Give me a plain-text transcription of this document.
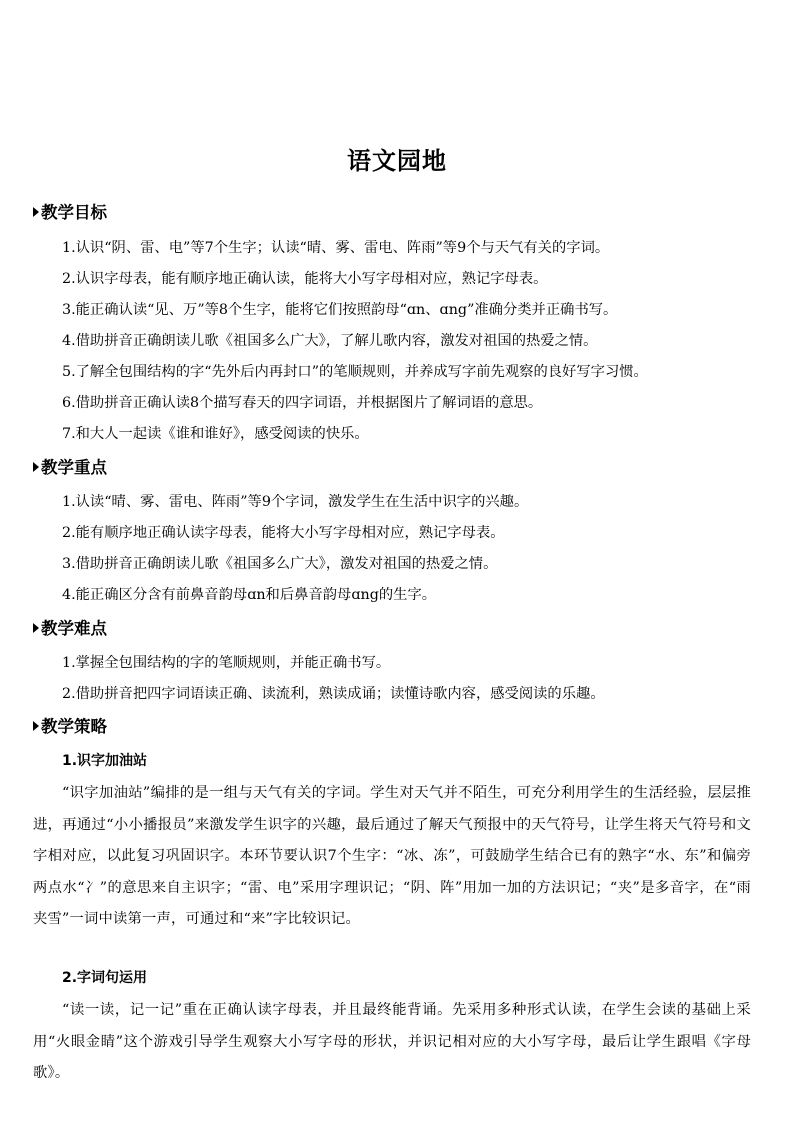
语文园地
教学目标
1.认识“阴、雷、电”等7个生字；认读“晴、雾、雷电、阵雨”等9个与天气有关的字词。
2.认识字母表，能有顺序地正确认读，能将大小写字母相对应，熟记字母表。
3.能正确认读“见、万”等8个生字，能将它们按照韵母“ɑn、ɑng”准确分类并正确书写。
4.借助拼音正确朗读儿歌《祖国多么广大》，了解儿歌内容，激发对祖国的热爱之情。
5.了解全包围结构的字“先外后内再封口”的笔顺规则，并养成写字前先观察的良好写字习惯。
6.借助拼音正确认读8个描写春天的四字词语，并根据图片了解词语的意思。
7.和大人一起读《谁和谁好》，感受阅读的快乐。
教学重点
1.认读“晴、雾、雷电、阵雨”等9个字词，激发学生在生活中识字的兴趣。
2.能有顺序地正确认读字母表，能将大小写字母相对应，熟记字母表。
3.借助拼音正确朗读儿歌《祖国多么广大》，激发对祖国的热爱之情。
4.能正确区分含有前鼻音韵母ɑn和后鼻音韵母ɑng的生字。
教学难点
1.掌握全包围结构的字的笔顺规则，并能正确书写。
2.借助拼音把四字词语读正确、读流利，熟读成诵；读懂诗歌内容，感受阅读的乐趣。
教学策略
1.识字加油站
“识字加油站”编排的是一组与天气有关的字词。学生对天气并不陌生，可充分利用学生的生活经验，层层推进，再通过“小小播报员”来激发学生识字的兴趣，最后通过了解天气预报中的天气符号，让学生将天气符号和文字相对应，以此复习巩固识字。本环节要认识7个生字：“冰、冻”，可鼓励学生结合已有的熟字“水、东”和偏旁两点水“冫”的意思来自主识字；“雷、电”采用字理识记；“阴、阵”用加一加的方法识记；“夹”是多音字，在“雨夹雪”一词中读第一声，可通过和“来”字比较识记。
2.字词句运用
“读一读，记一记”重在正确认读字母表，并且最终能背诵。先采用多种形式认读，在学生会读的基础上采用“火眼金睛”这个游戏引导学生观察大小写字母的形状，并识记相对应的大小写字母，最后让学生跟唱《字母歌》。
